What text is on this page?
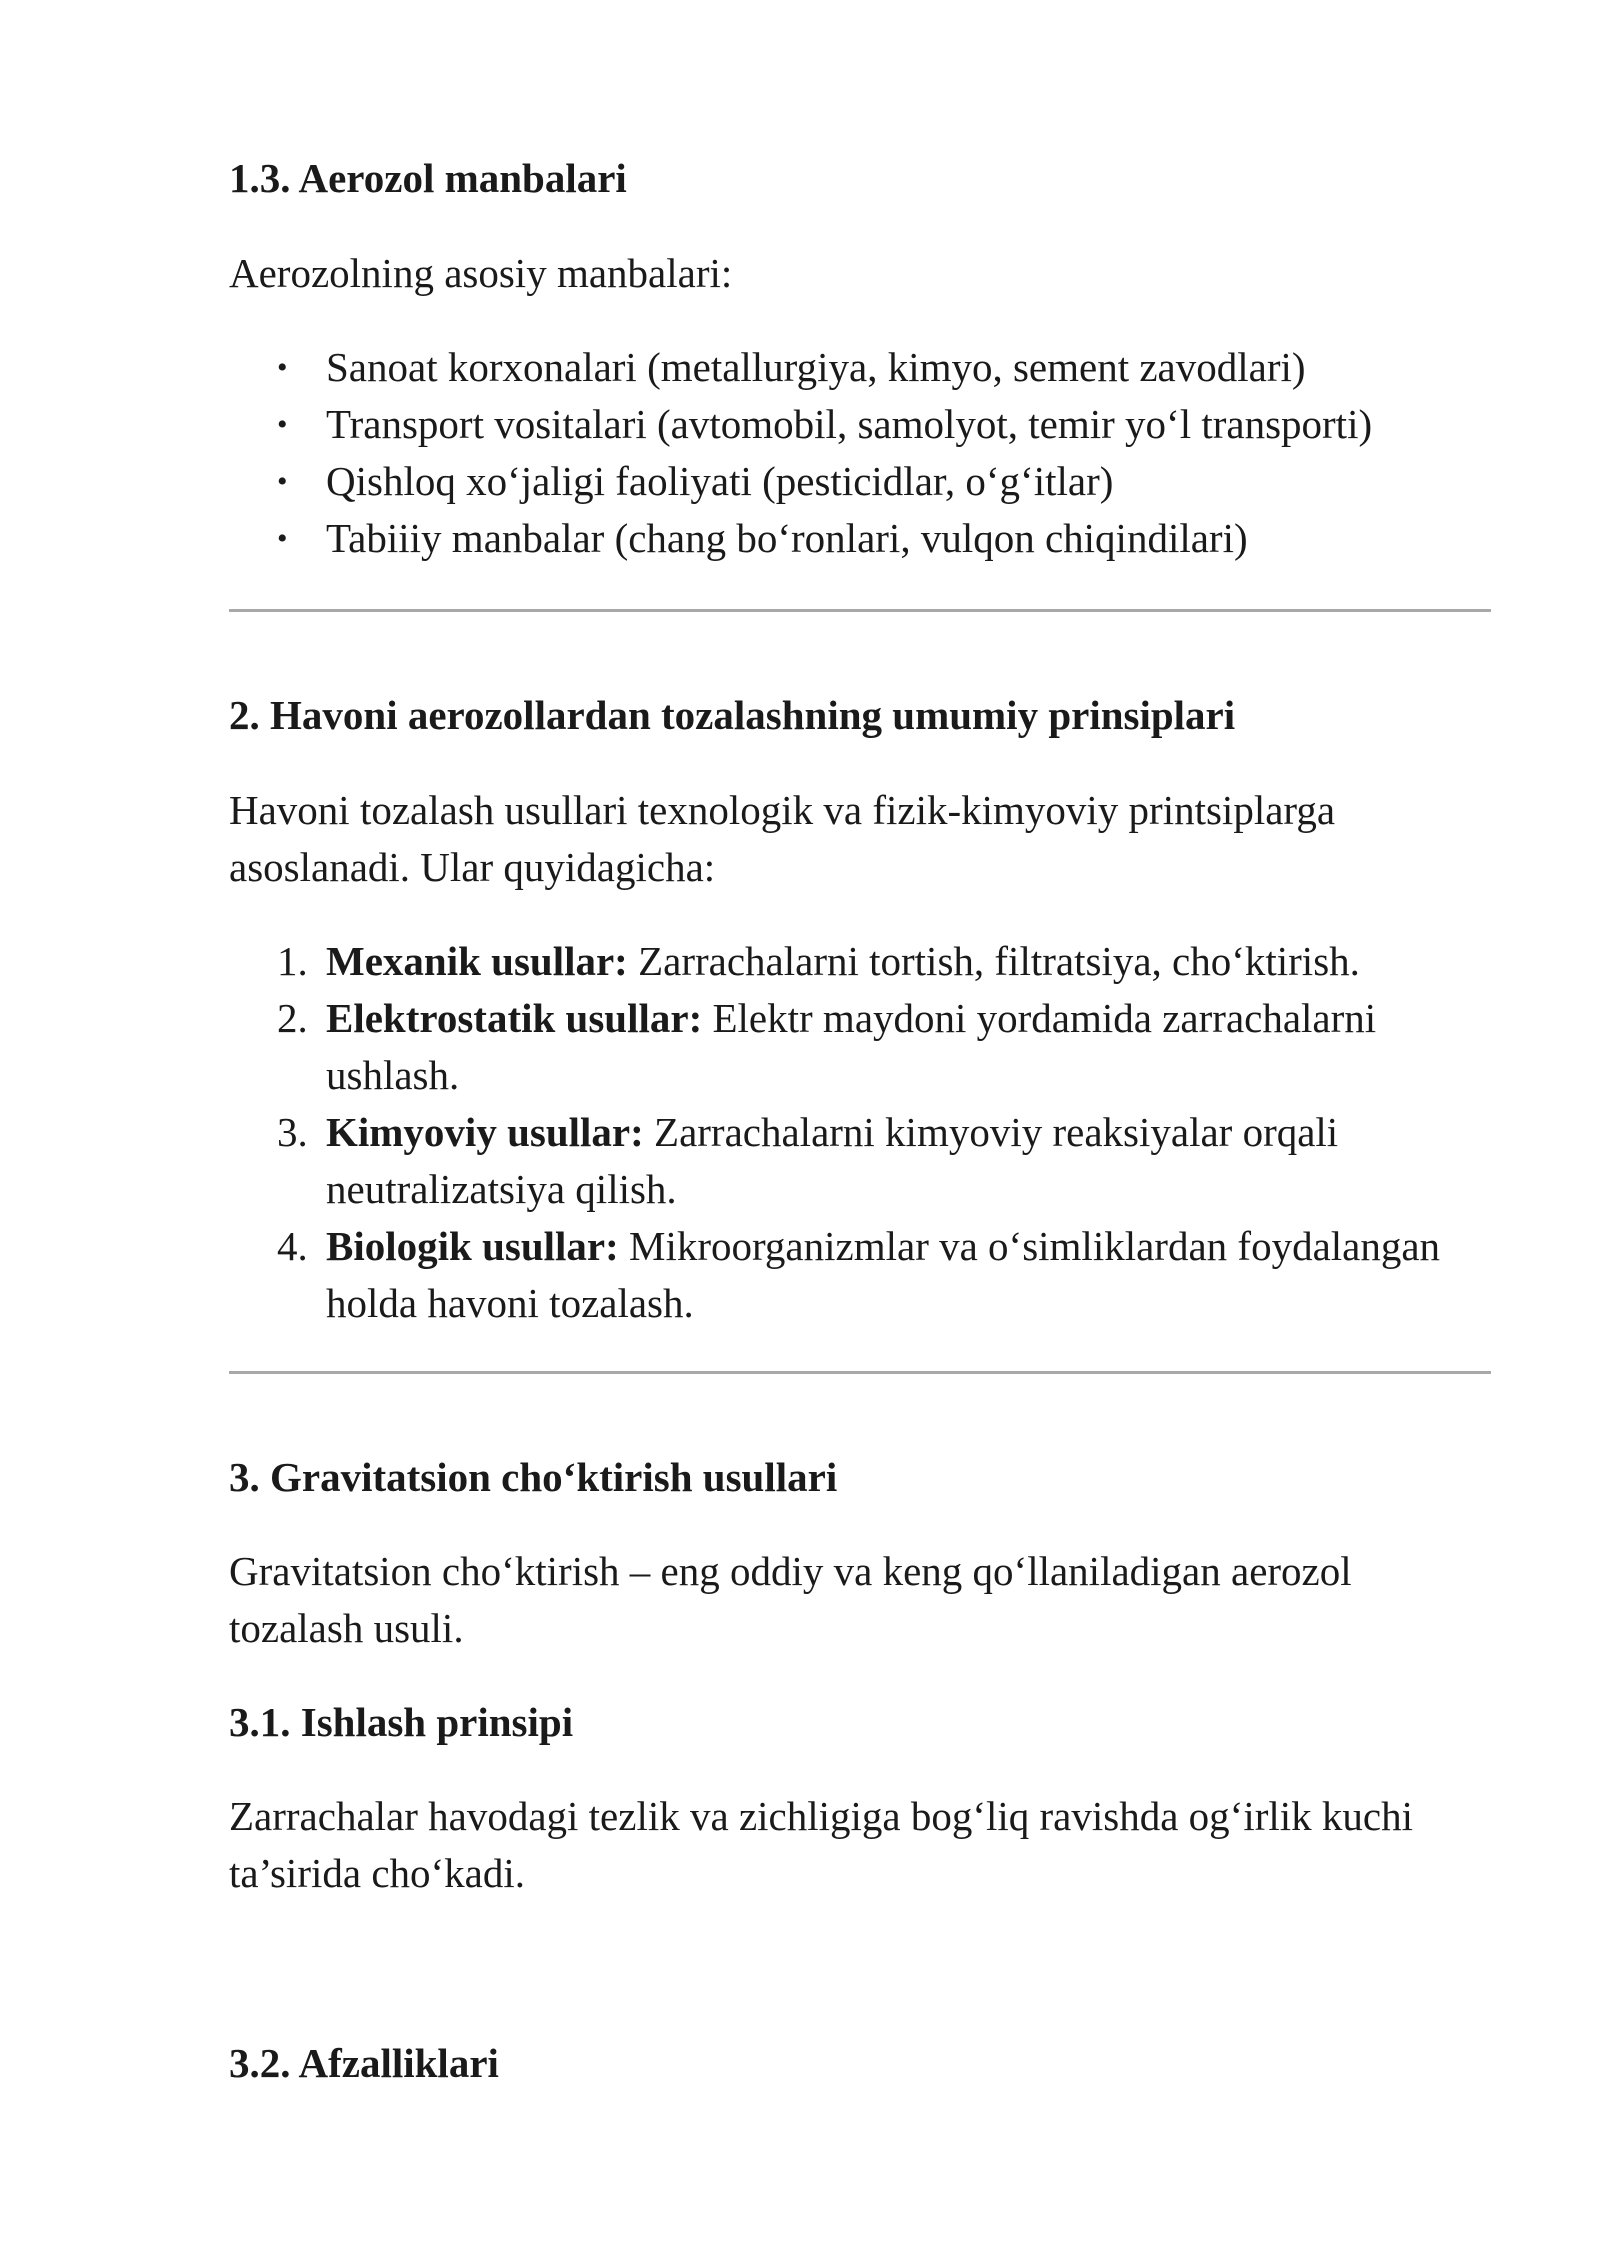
1.3. Aerozol manbalari

Aerozolning asosiy manbalari:

• Sanoat korxonalari (metallurgiya, kimyo, sement zavodlari)
• Transport vositalari (avtomobil, samolyot, temir yo‘l transporti)
• Qishloq xo‘jaligi faoliyati (pesticidlar, o‘g‘itlar)
• Tabiiiy manbalar (chang bo‘ronlari, vulqon chiqindilari)
2. Havoni aerozollardan tozalashning umumiy prinsiplari

Havoni tozalash usullari texnologik va fizik-kimyoviy printsiplarga asoslanadi. Ular quyidagicha:

1. Mexanik usullar: Zarrachalarni tortish, filtratsiya, cho‘ktirish.
2. Elektrostatik usullar: Elektr maydoni yordamida zarrachalarni ushlash.
3. Kimyoviy usullar: Zarrachalarni kimyoviy reaksiyalar orqali neutralizatsiya qilish.
4. Biologik usullar: Mikroorganizmlar va o‘simliklardan foydalangan holda havoni tozalash.
3. Gravitatsion cho‘ktirish usullari

Gravitatsion cho‘ktirish – eng oddiy va keng qo‘llaniladigan aerozol tozalash usuli.

3.1. Ishlash prinsipi

Zarrachalar havodagi tezlik va zichligiga bog‘liq ravishda og‘irlik kuchi ta’sirida cho‘kadi.

3.2. Afzalliklari
